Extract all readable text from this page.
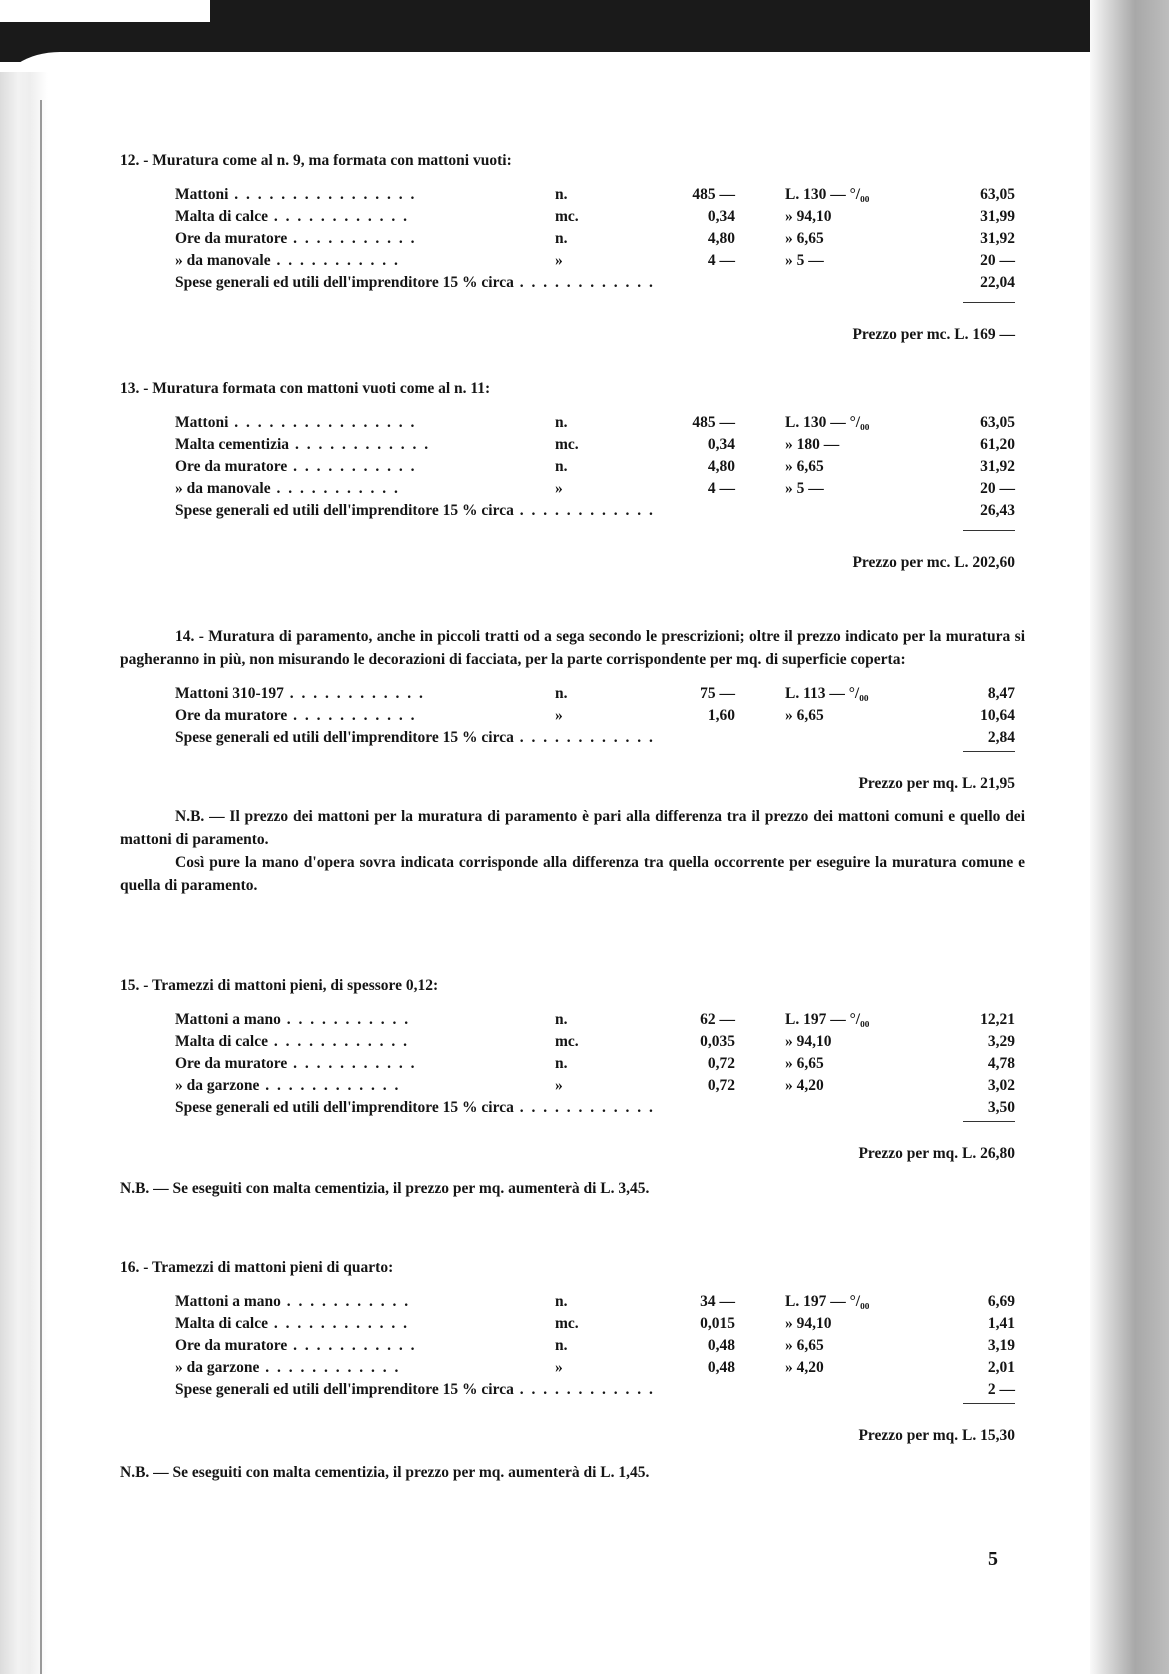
12. - Muratura come al n. 9, ma formata con mattoni vuoti:
Mattoni . . . . . . . . . . . . . . . .	n.	485 —	L. 130 — °/₀₀	63,05
Malta di calce . . . . . . . . . . . .	mc.	0,34	» 94,10	31,99
Ore da muratore . . . . . . . . . . .	n.	4,80	» 6,65	31,92
» da manovale . . . . . . . . . . .	»	4 —	» 5 —	20 —
Spese generali ed utili dell'imprenditore 15 % circa . . . . . . . . . . . .	22,04
Prezzo per mc. L. 169 —
13. - Muratura formata con mattoni vuoti come al n. 11:
Mattoni . . . . . . . . . . . . . . . .	n.	485 —	L. 130 — °/₀₀	63,05
Malta cementizia . . . . . . . . . . . .	mc.	0,34	» 180 —	61,20
Ore da muratore . . . . . . . . . . .	n.	4,80	» 6,65	31,92
» da manovale . . . . . . . . . . .	»	4 —	» 5 —	20 —
Spese generali ed utili dell'imprenditore 15 % circa . . . . . . . . . . . .	26,43
Prezzo per mc. L. 202,60
14. - Muratura di paramento, anche in piccoli tratti od a sega secondo le prescrizioni; oltre il prezzo indicato per la muratura si pagheranno in più, non misurando le decorazioni di facciata, per la parte corrispondente per mq. di superficie coperta:
Mattoni 310-197 . . . . . . . . . . . .	n.	75 —	L. 113 — °/₀₀	8,47
Ore da muratore . . . . . . . . . . .	»	1,60	» 6,65	10,64
Spese generali ed utili dell'imprenditore 15 % circa . . . . . . . . . . . .	2,84
Prezzo per mq. L. 21,95
N.B. — Il prezzo dei mattoni per la muratura di paramento è pari alla differenza tra il prezzo dei mattoni comuni e quello dei mattoni di paramento.
Così pure la mano d'opera sovra indicata corrisponde alla differenza tra quella occorrente per eseguire la muratura comune e quella di paramento.
15. - Tramezzi di mattoni pieni, di spessore 0,12:
Mattoni a mano . . . . . . . . . . .	n.	62 —	L. 197 — °/₀₀	12,21
Malta di calce . . . . . . . . . . . .	mc.	0,035	» 94,10	3,29
Ore da muratore . . . . . . . . . . .	n.	0,72	» 6,65	4,78
» da garzone . . . . . . . . . . . .	»	0,72	» 4,20	3,02
Spese generali ed utili dell'imprenditore 15 % circa . . . . . . . . . . . .	3,50
Prezzo per mq. L. 26,80
N.B. — Se eseguiti con malta cementizia, il prezzo per mq. aumenterà di L. 3,45.
16. - Tramezzi di mattoni pieni di quarto:
Mattoni a mano . . . . . . . . . . .	n.	34 —	L. 197 — °/₀₀	6,69
Malta di calce . . . . . . . . . . . .	mc.	0,015	» 94,10	1,41
Ore da muratore . . . . . . . . . . .	n.	0,48	» 6,65	3,19
» da garzone . . . . . . . . . . . .	»	0,48	» 4,20	2,01
Spese generali ed utili dell'imprenditore 15 % circa . . . . . . . . . . . .	2 —
Prezzo per mq. L. 15,30
N.B. — Se eseguiti con malta cementizia, il prezzo per mq. aumenterà di L. 1,45.
5
